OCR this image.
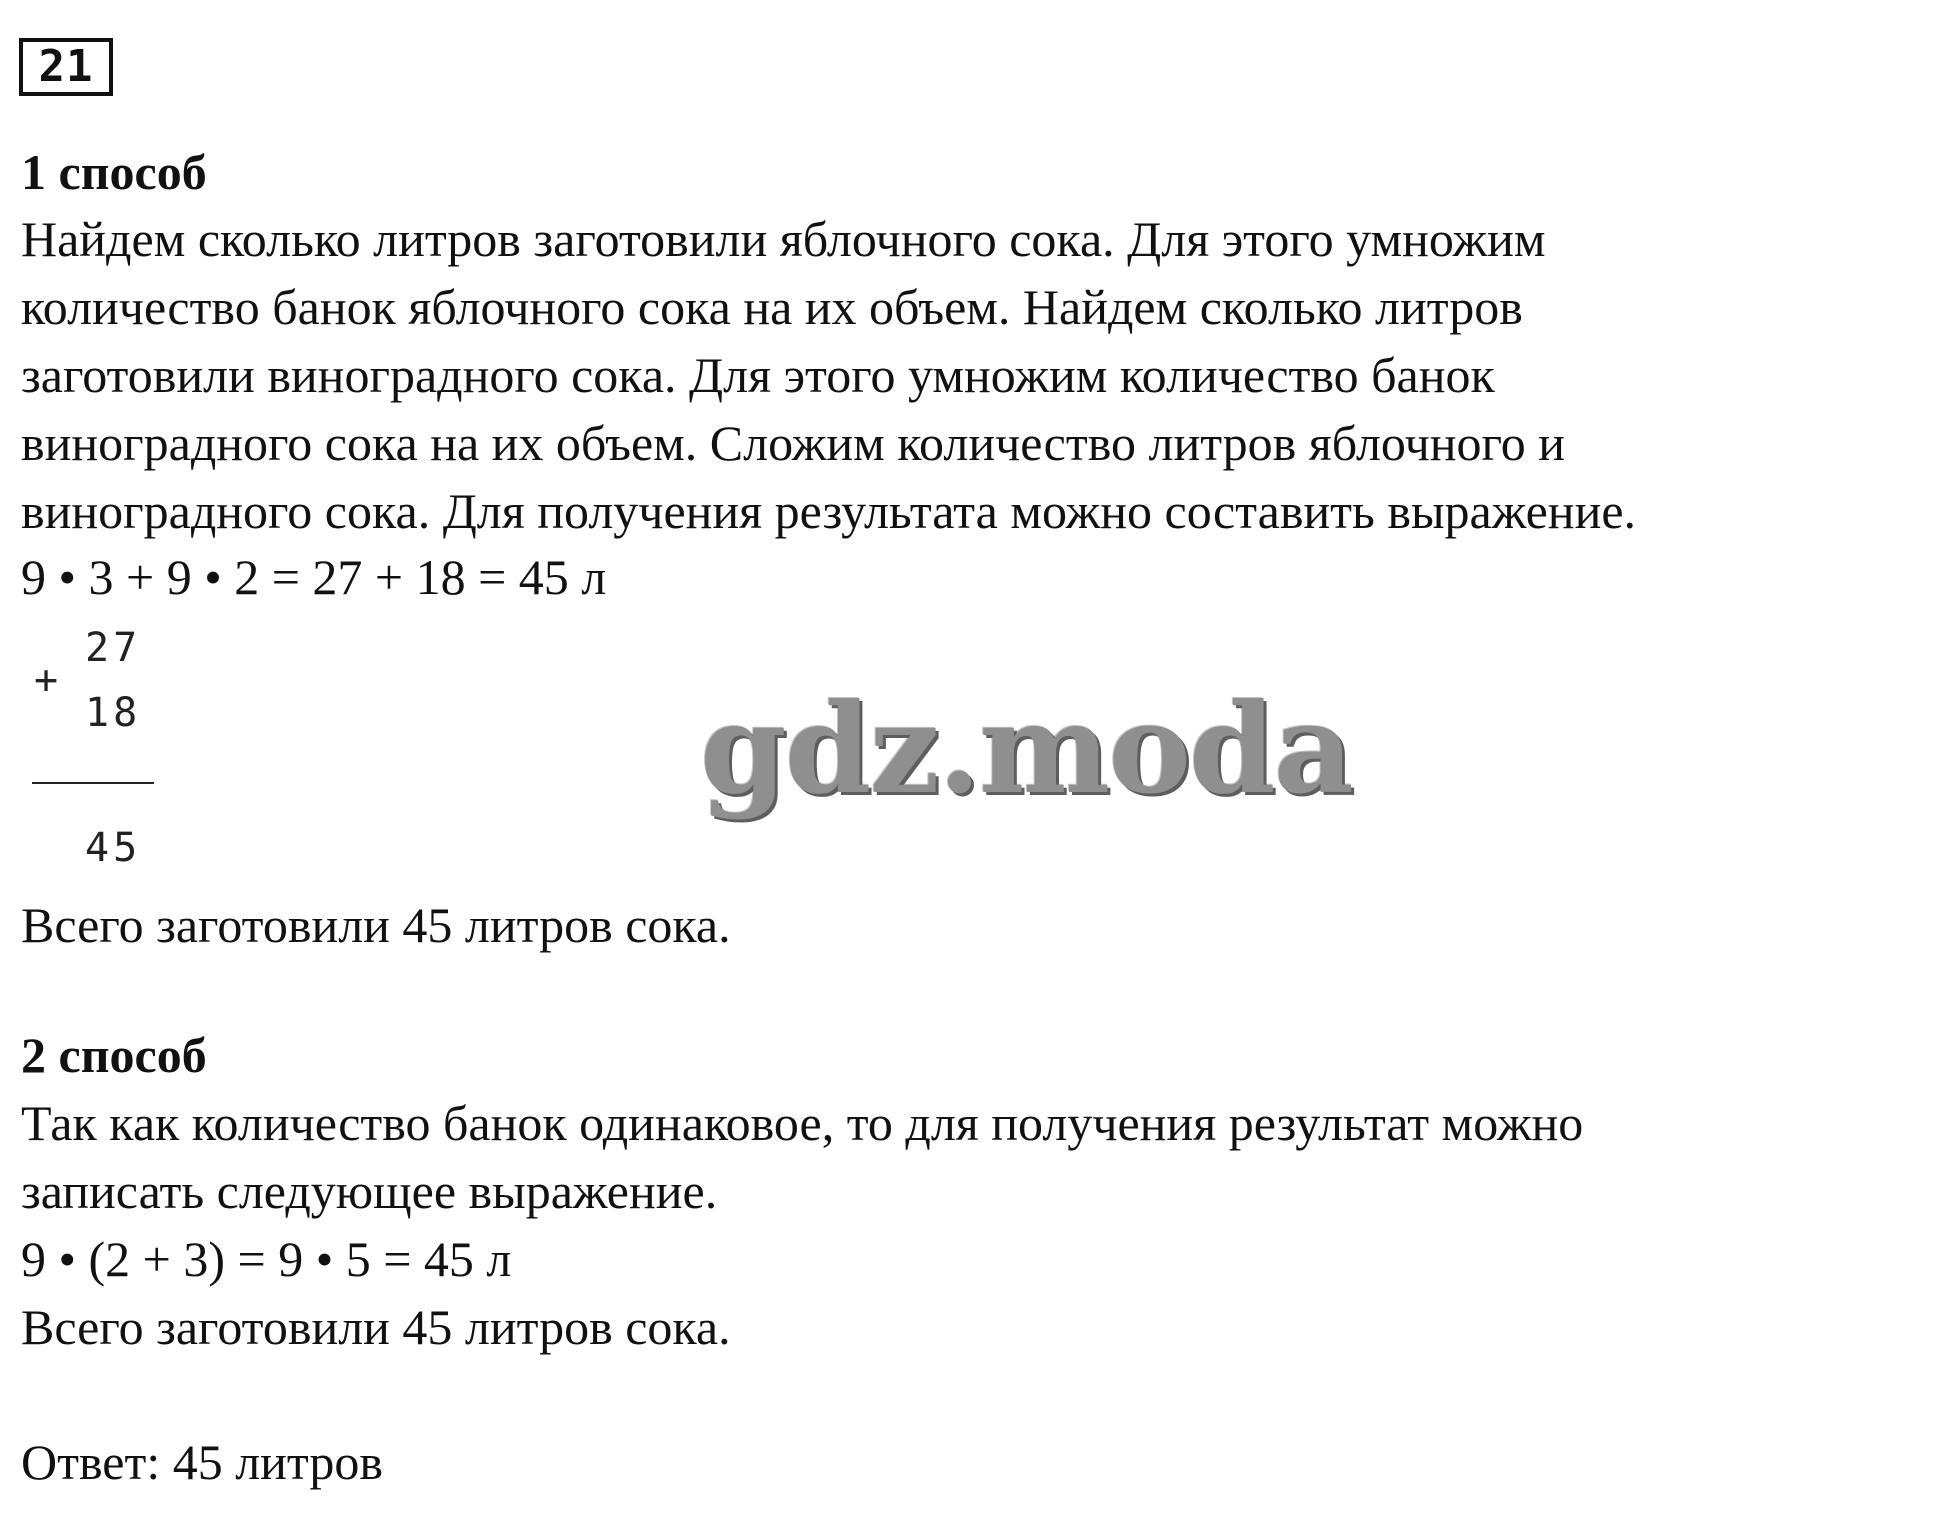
21
1 способ
Найдем сколько литров заготовили яблочного сока. Для этого умножим
количество банок яблочного сока на их объем. Найдем сколько литров
заготовили виноградного сока. Для этого умножим количество банок
виноградного сока на их объем. Сложим количество литров яблочного и
виноградного сока. Для получения результата можно составить выражение.
9 • 3 + 9 • 2 = 27 + 18 = 45 л
+
27
18
45
gdz.moda
Всего заготовили 45 литров сока.
2 способ
Так как количество банок одинаковое, то для получения результат можно
записать следующее выражение.
9 • (2 + 3) = 9 • 5 = 45 л
Всего заготовили 45 литров сока.
Ответ: 45 литров
